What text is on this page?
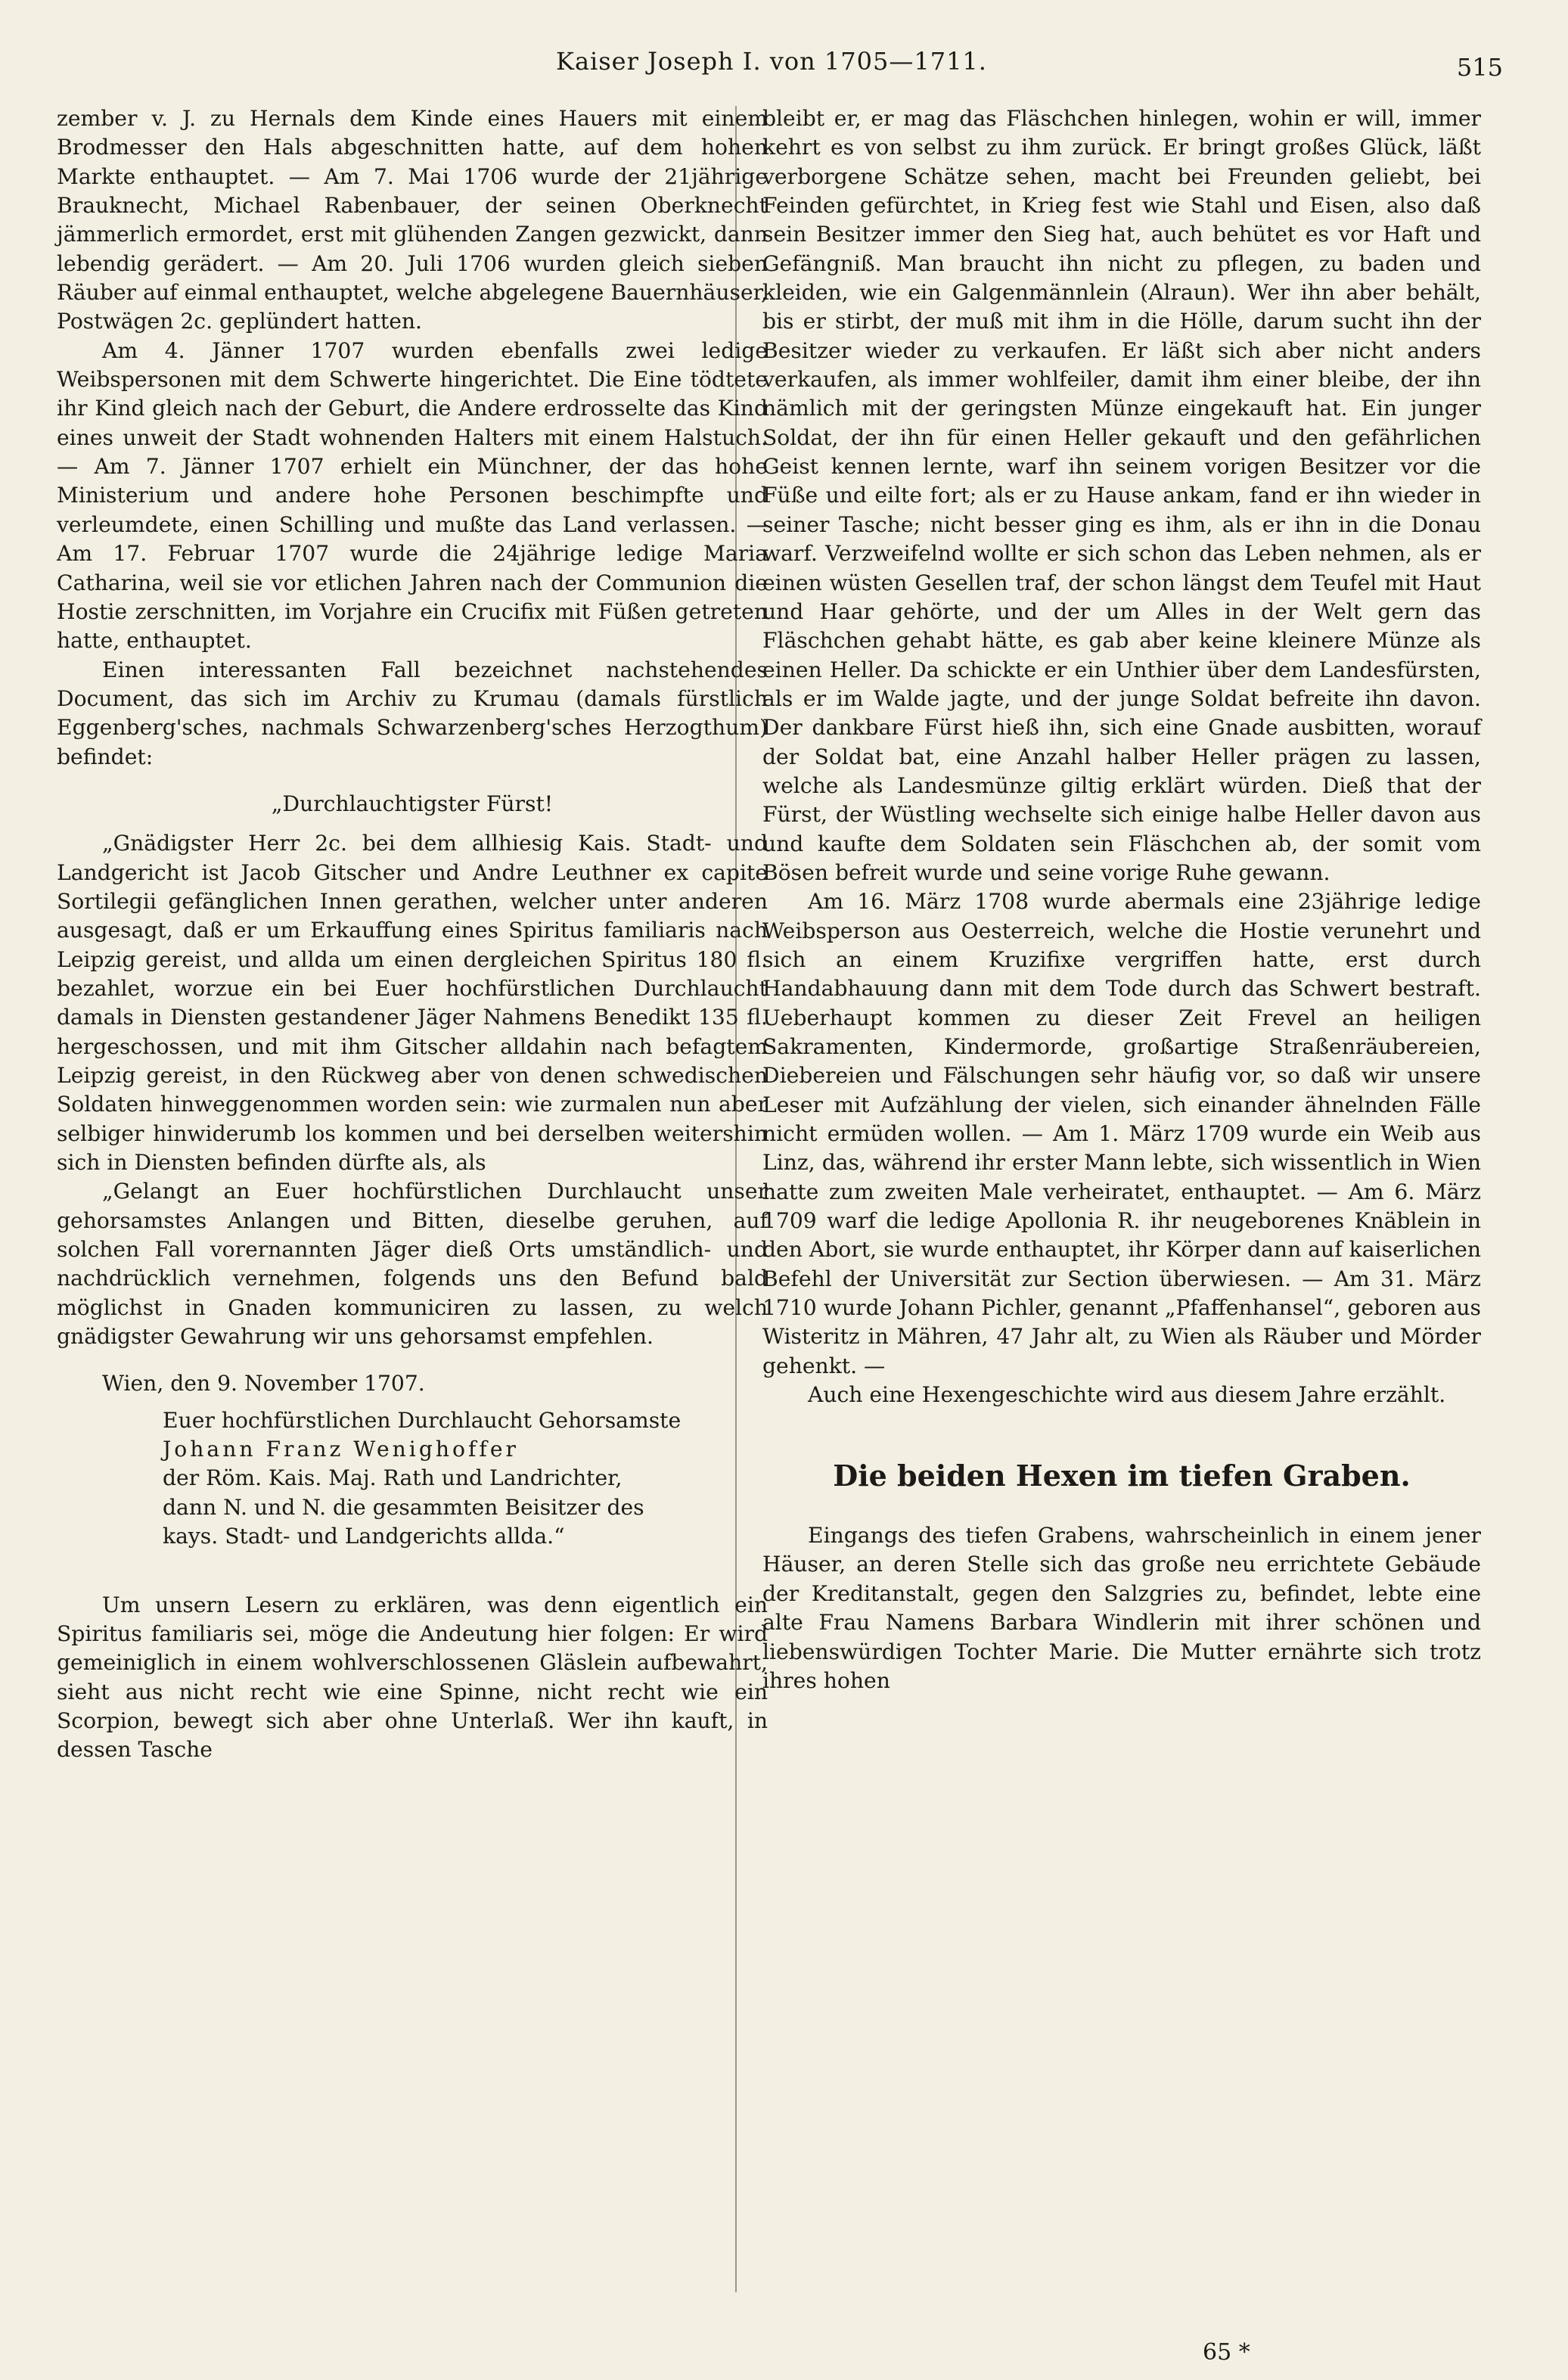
Kaiser Joseph I. von 1705—1711.	515

zember v. J. zu Hernals dem Kinde eines Hauers mit einem Brodmesser den Hals abgeschnitten hatte, auf dem hohen Markte enthauptet. — Am 7. Mai 1706 wurde der 21jährige Brauknecht, Michael Rabenbauer, der seinen Oberknecht jämmerlich ermordet, erst mit glühenden Zangen gezwickt, dann lebendig gerädert. — Am 20. Juli 1706 wurden gleich sieben Räuber auf einmal enthauptet, welche abgelegene Bauernhäuser, Postwägen 2c. geplündert hatten.

Am 4. Jänner 1707 wurden ebenfalls zwei ledige Weibspersonen mit dem Schwerte hingerichtet. Die Eine tödtete ihr Kind gleich nach der Geburt, die Andere erdrosselte das Kind eines unweit der Stadt wohnenden Halters mit einem Halstuch. — Am 7. Jänner 1707 erhielt ein Münchner, der das hohe Ministerium und andere hohe Personen beschimpfte und verleumdete, einen Schilling und mußte das Land verlassen. — Am 17. Februar 1707 wurde die 24jährige ledige Maria Catharina, weil sie vor etlichen Jahren nach der Communion die Hostie zerschnitten, im Vorjahre ein Crucifix mit Füßen getreten hatte, enthauptet.

Einen interessanten Fall bezeichnet nachstehendes Document, das sich im Archiv zu Krumau (damals fürstlich Eggenberg'sches, nachmals Schwarzenberg'sches Herzogthum) befindet:

„Durchlauchtigster Fürst!

„Gnädigster Herr 2c. bei dem allhiesig Kais. Stadt- und Landgericht ist Jacob Gitscher und Andre Leuthner ex capite Sortilegii gefänglichen Innen gerathen, welcher unter anderen ausgesagt, daß er um Erkauffung eines Spiritus familiaris nach Leipzig gereist, und allda um einen dergleichen Spiritus 180 fl. bezahlet, worzue ein bei Euer hochfürstlichen Durchlaucht damals in Diensten gestandener Jäger Nahmens Benedikt 135 fl. hergeschossen, und mit ihm Gitscher alldahin nach befagtem Leipzig gereist, in den Rückweg aber von denen schwedischen Soldaten hinweggenommen worden sein: wie zurmalen nun aber selbiger hinwiderumb los kommen und bei derselben weitershin sich in Diensten befinden dürfte als, als

„Gelangt an Euer hochfürstlichen Durchlaucht unser gehorsamstes Anlangen und Bitten, dieselbe geruhen, auf solchen Fall vorernannten Jäger dieß Orts umständlich- und nachdrücklich vernehmen, folgends uns den Befund bald möglichst in Gnaden kommuniciren zu lassen, zu welch gnädigster Gewahrung wir uns gehorsamst empfehlen.

Wien, den 9. November 1707.

Euer hochfürstlichen Durchlaucht Gehorsamste
Johann Franz Wenighoffer
der Röm. Kais. Maj. Rath und Landrichter,
dann N. und N. die gesammten Beisitzer des
kays. Stadt- und Landgerichts allda.“

Um unsern Lesern zu erklären, was denn eigentlich ein Spiritus familiaris sei, möge die Andeutung hier folgen: Er wird gemeiniglich in einem wohlverschlossenen Gläslein aufbewahrt, sieht aus nicht recht wie eine Spinne, nicht recht wie ein Scorpion, bewegt sich aber ohne Unterlaß. Wer ihn kauft, in dessen Tasche

bleibt er, er mag das Fläschchen hinlegen, wohin er will, immer kehrt es von selbst zu ihm zurück. Er bringt großes Glück, läßt verborgene Schätze sehen, macht bei Freunden geliebt, bei Feinden gefürchtet, in Krieg fest wie Stahl und Eisen, also daß sein Besitzer immer den Sieg hat, auch behütet es vor Haft und Gefängniß. Man braucht ihn nicht zu pflegen, zu baden und kleiden, wie ein Galgenmännlein (Alraun). Wer ihn aber behält, bis er stirbt, der muß mit ihm in die Hölle, darum sucht ihn der Besitzer wieder zu verkaufen. Er läßt sich aber nicht anders verkaufen, als immer wohlfeiler, damit ihm einer bleibe, der ihn nämlich mit der geringsten Münze eingekauft hat. Ein junger Soldat, der ihn für einen Heller gekauft und den gefährlichen Geist kennen lernte, warf ihn seinem vorigen Besitzer vor die Füße und eilte fort; als er zu Hause ankam, fand er ihn wieder in seiner Tasche; nicht besser ging es ihm, als er ihn in die Donau warf. Verzweifelnd wollte er sich schon das Leben nehmen, als er einen wüsten Gesellen traf, der schon längst dem Teufel mit Haut und Haar gehörte, und der um Alles in der Welt gern das Fläschchen gehabt hätte, es gab aber keine kleinere Münze als einen Heller. Da schickte er ein Unthier über dem Landesfürsten, als er im Walde jagte, und der junge Soldat befreite ihn davon. Der dankbare Fürst hieß ihn, sich eine Gnade ausbitten, worauf der Soldat bat, eine Anzahl halber Heller prägen zu lassen, welche als Landesmünze giltig erklärt würden. Dieß that der Fürst, der Wüstling wechselte sich einige halbe Heller davon aus und kaufte dem Soldaten sein Fläschchen ab, der somit vom Bösen befreit wurde und seine vorige Ruhe gewann.

Am 16. März 1708 wurde abermals eine 23jährige ledige Weibsperson aus Oesterreich, welche die Hostie verunehrt und sich an einem Kruzifixe vergriffen hatte, erst durch Handabhauung dann mit dem Tode durch das Schwert bestraft. Ueberhaupt kommen zu dieser Zeit Frevel an heiligen Sakramenten, Kindermorde, großartige Straßenräubereien, Diebereien und Fälschungen sehr häufig vor, so daß wir unsere Leser mit Aufzählung der vielen, sich einander ähnelnden Fälle nicht ermüden wollen. — Am 1. März 1709 wurde ein Weib aus Linz, das, während ihr erster Mann lebte, sich wissentlich in Wien hatte zum zweiten Male verheiratet, enthauptet. — Am 6. März 1709 warf die ledige Apollonia R. ihr neugeborenes Knäblein in den Abort, sie wurde enthauptet, ihr Körper dann auf kaiserlichen Befehl der Universität zur Section überwiesen. — Am 31. März 1710 wurde Johann Pichler, genannt „Pfaffenhansel“, geboren aus Wisteritz in Mähren, 47 Jahr alt, zu Wien als Räuber und Mörder gehenkt. —

Auch eine Hexengeschichte wird aus diesem Jahre erzählt.

Die beiden Hexen im tiefen Graben.

Eingangs des tiefen Grabens, wahrscheinlich in einem jener Häuser, an deren Stelle sich das große neu errichtete Gebäude der Kreditanstalt, gegen den Salzgries zu, befindet, lebte eine alte Frau Namens Barbara Windlerin mit ihrer schönen und liebenswürdigen Tochter Marie. Die Mutter ernährte sich trotz ihres hohen

65 *
